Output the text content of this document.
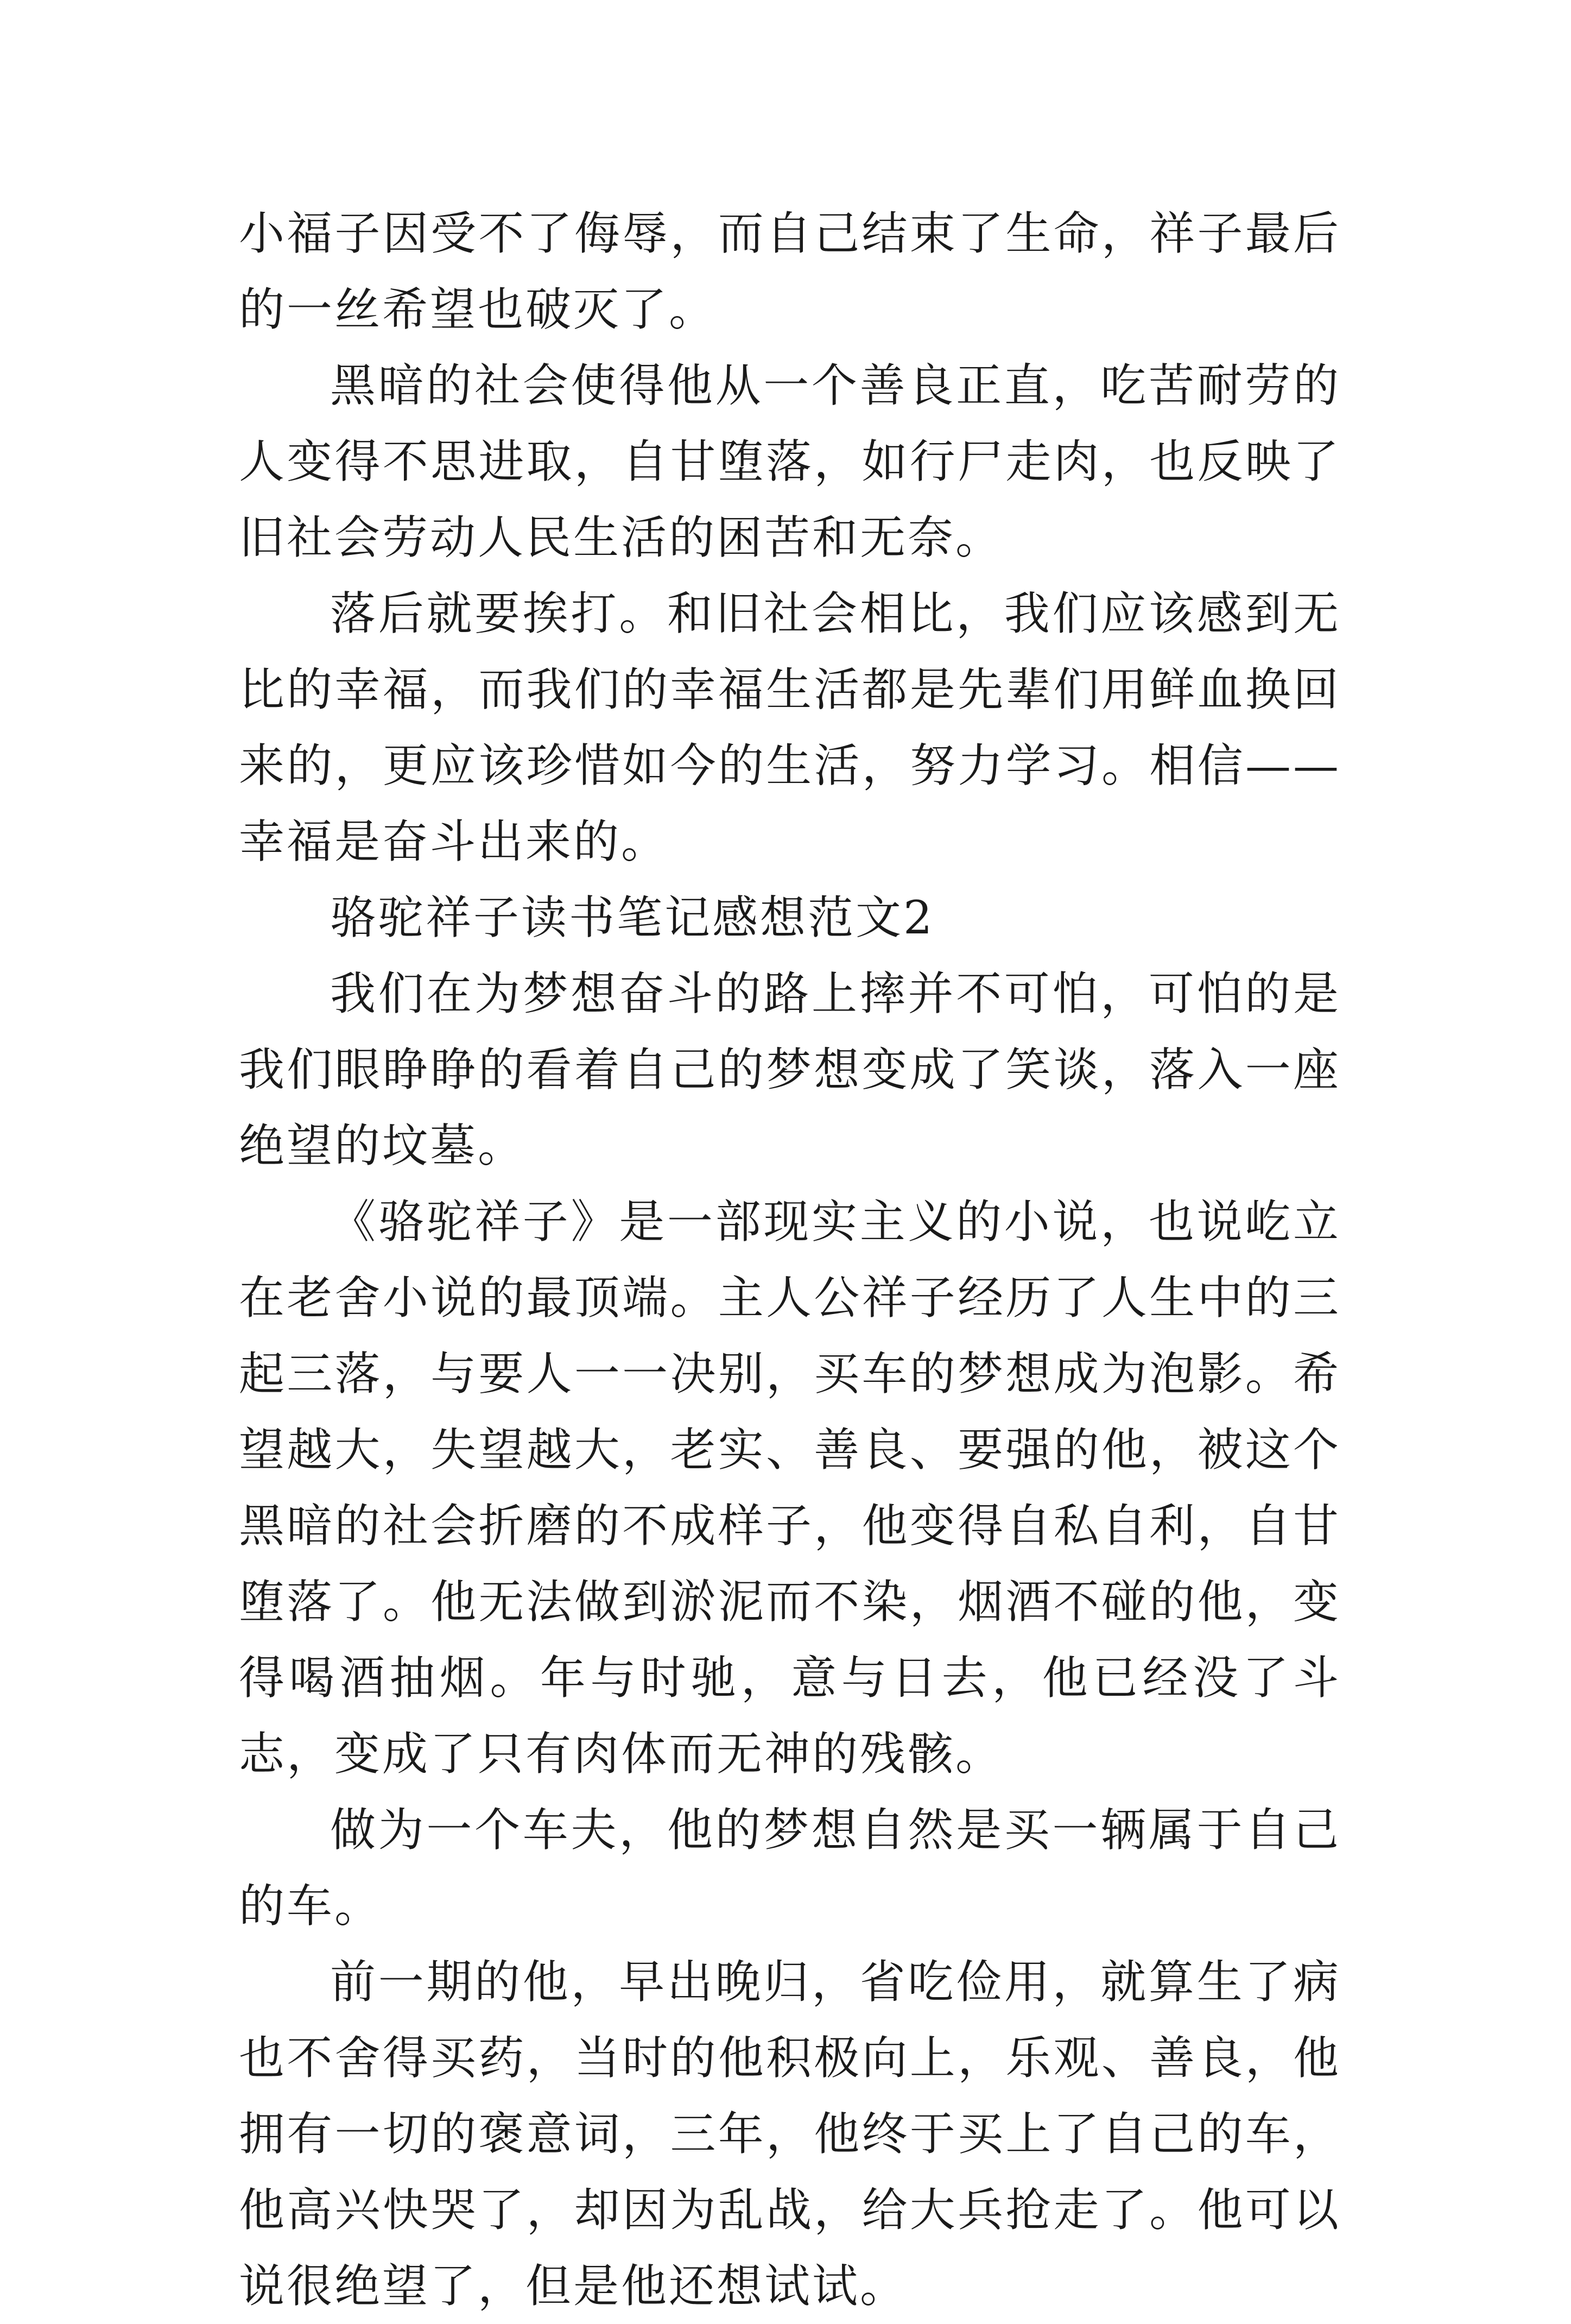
小福子因受不了侮辱，而自己结束了生命，祥子最后的一丝希望也破灭了。

黑暗的社会使得他从一个善良正直，吃苦耐劳的人变得不思进取，自甘堕落，如行尸走肉，也反映了旧社会劳动人民生活的困苦和无奈。

落后就要挨打。和旧社会相比，我们应该感到无比的幸福，而我们的幸福生活都是先辈们用鲜血换回来的，更应该珍惜如今的生活，努力学习。相信——幸福是奋斗出来的。

骆驼祥子读书笔记感想范文2

我们在为梦想奋斗的路上摔并不可怕，可怕的是我们眼睁睁的看着自己的梦想变成了笑谈，落入一座绝望的坟墓。

《骆驼祥子》是一部现实主义的小说，也说屹立在老舍小说的最顶端。主人公祥子经历了人生中的三起三落，与要人一一决别，买车的梦想成为泡影。希望越大，失望越大，老实、善良、要强的他，被这个黑暗的社会折磨的不成样子，他变得自私自利，自甘堕落了。他无法做到淤泥而不染，烟酒不碰的他，变得喝酒抽烟。年与时驰，意与日去，他已经没了斗志，变成了只有肉体而无神的残骸。

做为一个车夫，他的梦想自然是买一辆属于自己的车。

前一期的他，早出晚归，省吃俭用，就算生了病也不舍得买药，当时的他积极向上，乐观、善良，他拥有一切的褒意词，三年，他终于买上了自己的车，他高兴快哭了，却因为乱战，给大兵抢走了。他可以说很绝望了，但是他还想试试。
